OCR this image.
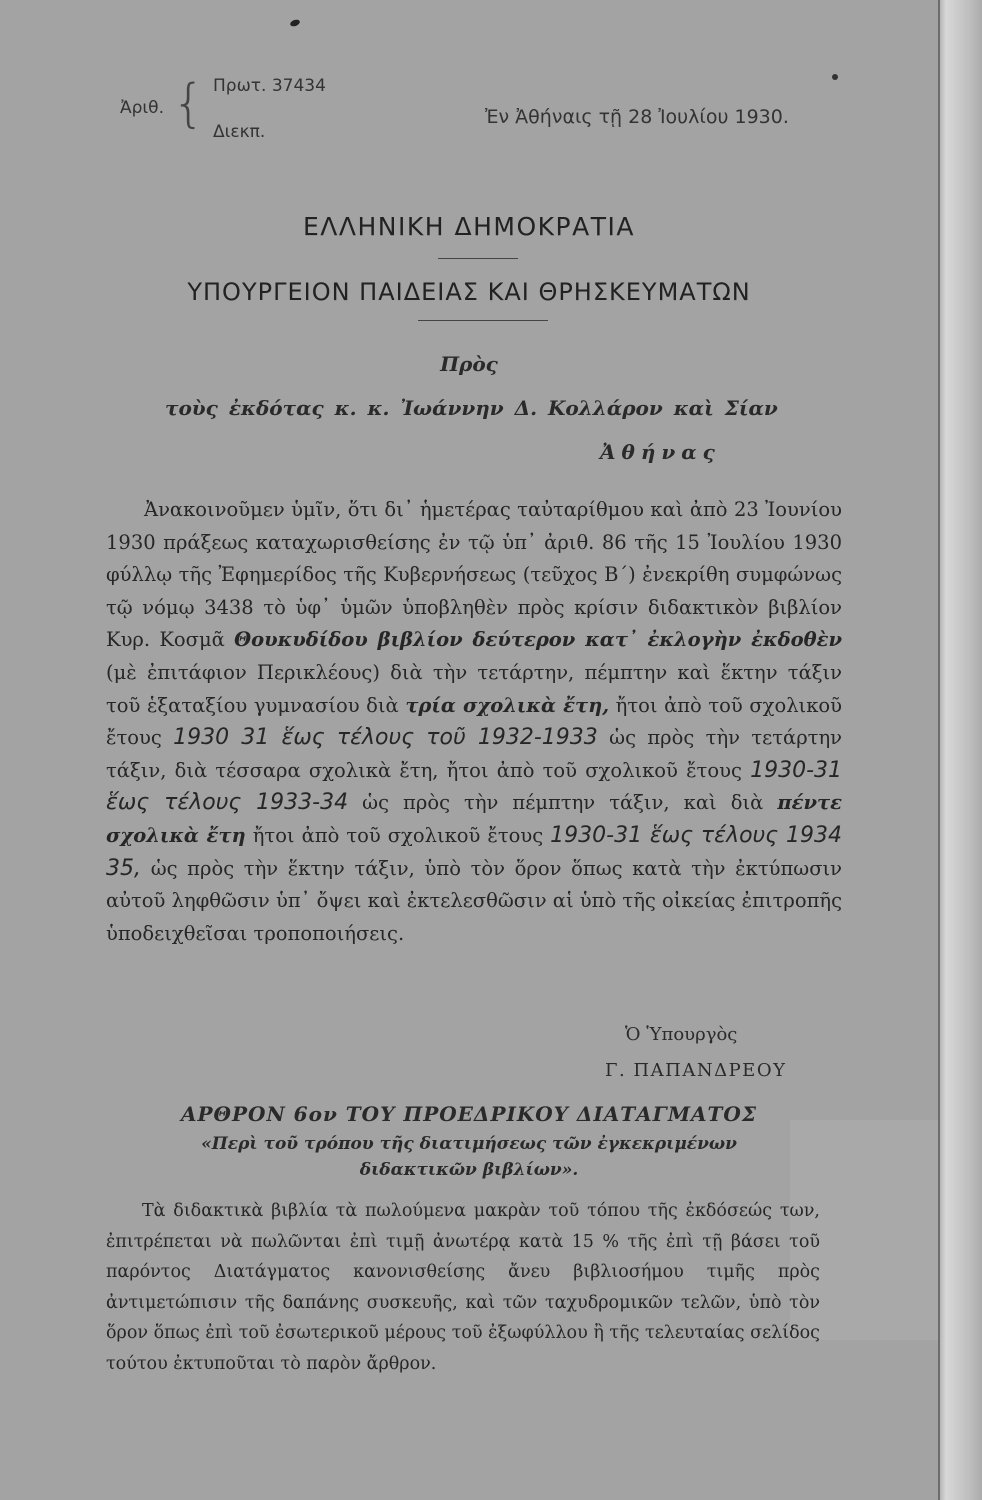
Ἀριθ. { Πρωτ. 37434
Διεκπ.
Ἐν Ἀθήναις τῇ 28 Ἰουλίου 1930.
ΕΛΛΗΝΙΚΗ ΔΗΜΟΚΡΑΤΙΑ
ΥΠΟΥΡΓΕΙΟΝ ΠΑΙΔΕΙΑΣ ΚΑΙ ΘΡΗΣΚΕΥΜΑΤΩΝ
Πρὸς
τοὺς ἐκδότας κ. κ. Ἰωάννην Δ. Κολλάρον καὶ Σίαν
Ἀθήνας
Ἀνακοινοῦμεν ὑμῖν, ὅτι δι᾽ ἡμετέρας ταὐταρίθμου καὶ ἀπὸ 23 Ἰουνίου 1930 πράξεως καταχωρισθείσης ἐν τῷ ὑπ᾽ ἀριθ. 86 τῆς 15 Ἰουλίου 1930 φύλλῳ τῆς Ἐφημερίδος τῆς Κυβερνήσεως (τεῦχος Β΄) ἐνεκρίθη συμφώνως τῷ νόμῳ 3438 τὸ ὑφ᾽ ὑμῶν ὑποβληθὲν πρὸς κρίσιν διδακτικὸν βιβλίον Κυρ. Κοσμᾶ Θουκυδίδου βιβλίον δεύτερον κατ᾽ ἐκλογὴν ἐκδοθὲν (μὲ ἐπιτάφιον Περικλέους) διὰ τὴν τετάρτην, πέμπτην καὶ ἕκτην τάξιν τοῦ ἑξαταξίου γυμνασίου διὰ τρία σχολικὰ ἔτη, ἤτοι ἀπὸ τοῦ σχολικοῦ ἔτους 1930 31 ἕως τέλους τοῦ 1932-1933 ὡς πρὸς τὴν τετάρτην τάξιν, διὰ τέσσαρα σχολικὰ ἔτη, ἤτοι ἀπὸ τοῦ σχολικοῦ ἔτους 1930-31 ἕως τέλους 1933-34 ὡς πρὸς τὴν πέμπτην τάξιν, καὶ διὰ πέντε σχολικὰ ἔτη ἤτοι ἀπὸ τοῦ σχολικοῦ ἔτους 1930-31 ἕως τέλους 1934 35, ὡς πρὸς τὴν ἕκτην τάξιν, ὑπὸ τὸν ὅρον ὅπως κατὰ τὴν ἐκτύπωσιν αὐτοῦ ληφθῶσιν ὑπ᾽ ὄψει καὶ ἐκτελεσθῶσιν αἱ ὑπὸ τῆς οἰκείας ἐπιτροπῆς ὑποδειχθεῖσαι τροποποιήσεις.
Ὁ Ὑπουργὸς
Γ. ΠΑΠΑΝΔΡΕΟΥ
ΑΡΘΡΟΝ 6ον ΤΟΥ ΠΡΟΕΔΡΙΚΟΥ ΔΙΑΤΑΓΜΑΤΟΣ
«Περὶ τοῦ τρόπου τῆς διατιμήσεως τῶν ἐγκεκριμένων
διδακτικῶν βιβλίων».
Τὰ διδακτικὰ βιβλία τὰ πωλούμενα μακρὰν τοῦ τόπου τῆς ἐκδόσεώς των, ἐπιτρέπεται νὰ πωλῶνται ἐπὶ τιμῇ ἀνωτέρᾳ κατὰ 15 % τῆς ἐπὶ τῇ βάσει τοῦ παρόντος Διατάγματος κανονισθείσης ἄνευ βιβλιοσήμου τιμῆς πρὸς ἀντιμετώπισιν τῆς δαπάνης συσκευῆς, καὶ τῶν ταχυδρομικῶν τελῶν, ὑπὸ τὸν ὅρον ὅπως ἐπὶ τοῦ ἐσωτερικοῦ μέρους τοῦ ἐξωφύλλου ἢ τῆς τελευταίας σελίδος τούτου ἐκτυποῦται τὸ παρὸν ἄρθρον.
